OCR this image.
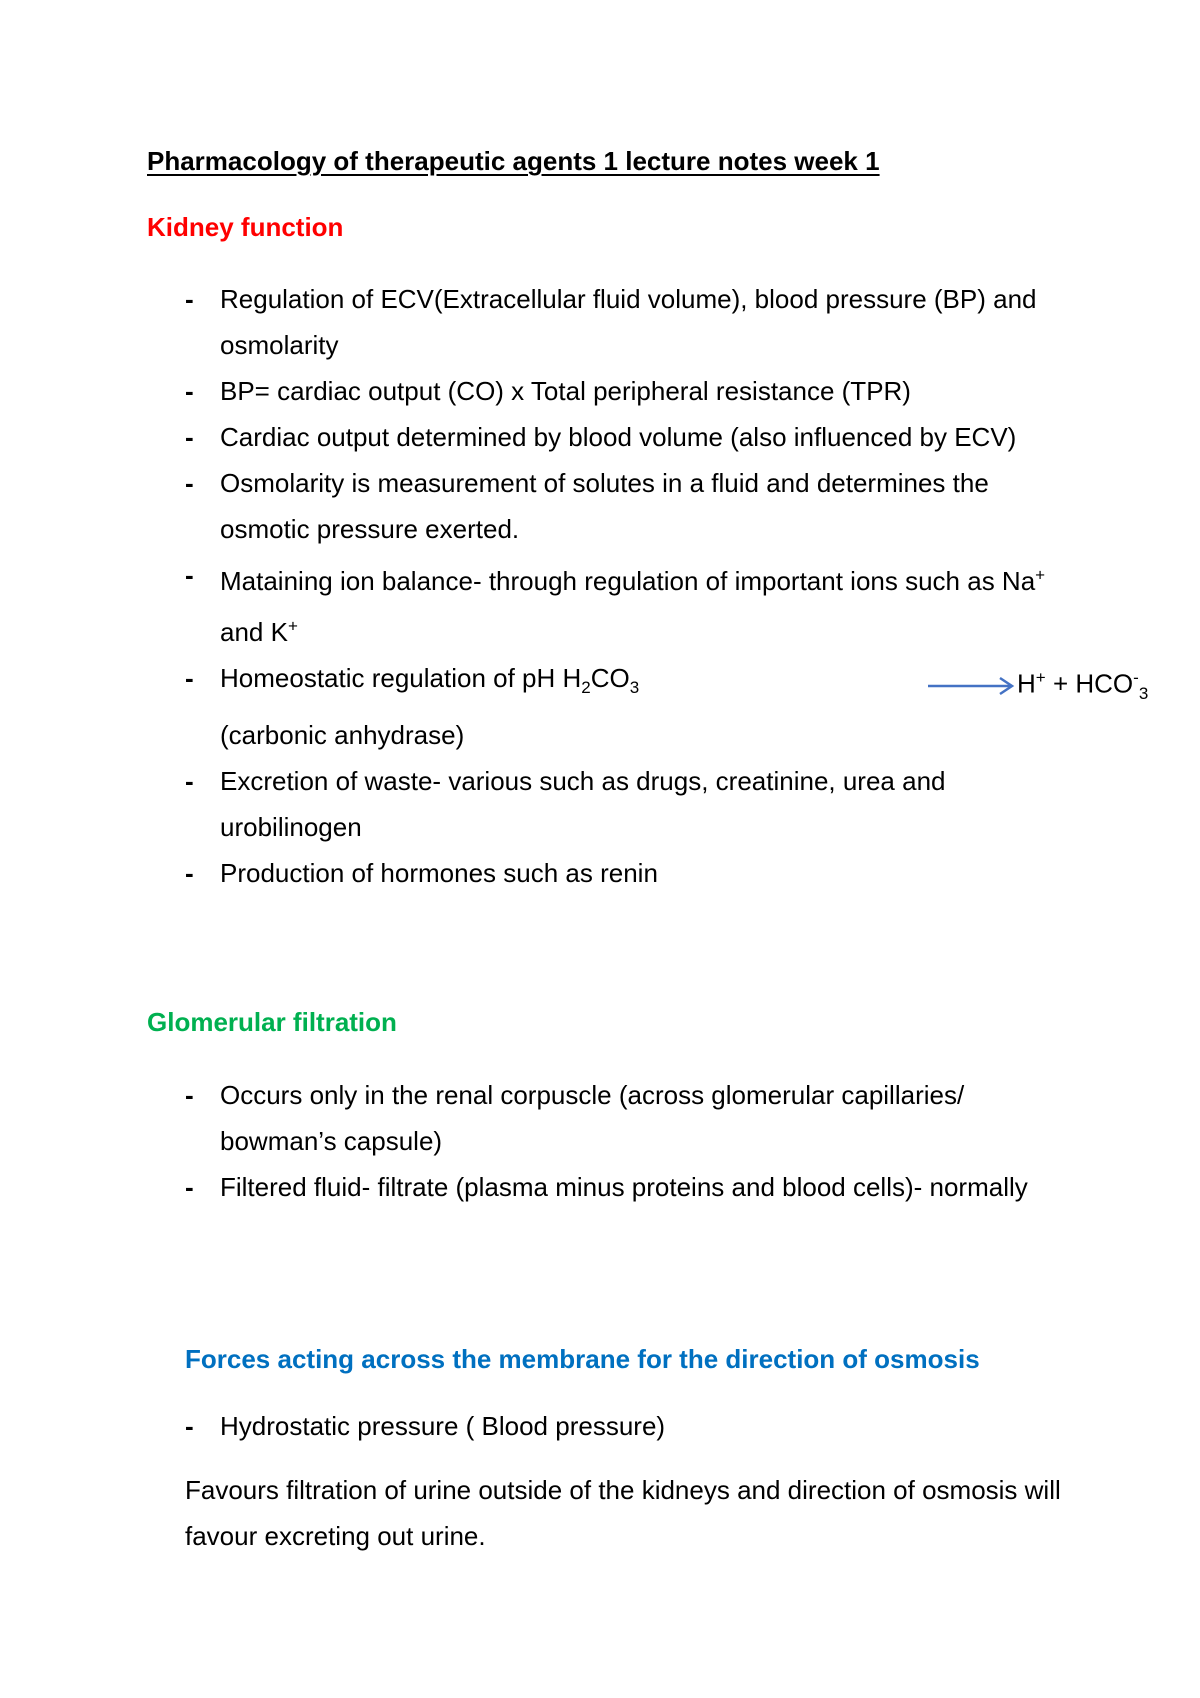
Pharmacology of therapeutic agents 1 lecture notes week 1
Kidney function
- Regulation of ECV(Extracellular fluid volume), blood pressure (BP) and osmolarity
- BP= cardiac output (CO) x Total peripheral resistance (TPR)
- Cardiac output determined by blood volume (also influenced by ECV)
- Osmolarity is measurement of solutes in a fluid and determines the osmotic pressure exerted.
- Mataining ion balance- through regulation of important ions such as Na+ and K+
- Homeostatic regulation of pH $H_2CO_3$	$H^+ + HCO^-_3$

(carbonic anhydrase)
- Excretion of waste- various such as drugs, creatinine, urea and urobilinogen
- Production of hormones such as renin
Glomerular filtration
- Occurs only in the renal corpuscle (across glomerular capillaries/ bowman’s capsule)
- Filtered fluid- filtrate (plasma minus proteins and blood cells)- normally
Forces acting across the membrane for the direction of osmosis
- Hydrostatic pressure ( Blood pressure)

Favours filtration of urine outside of the kidneys and direction of osmosis will favour excreting out urine.
